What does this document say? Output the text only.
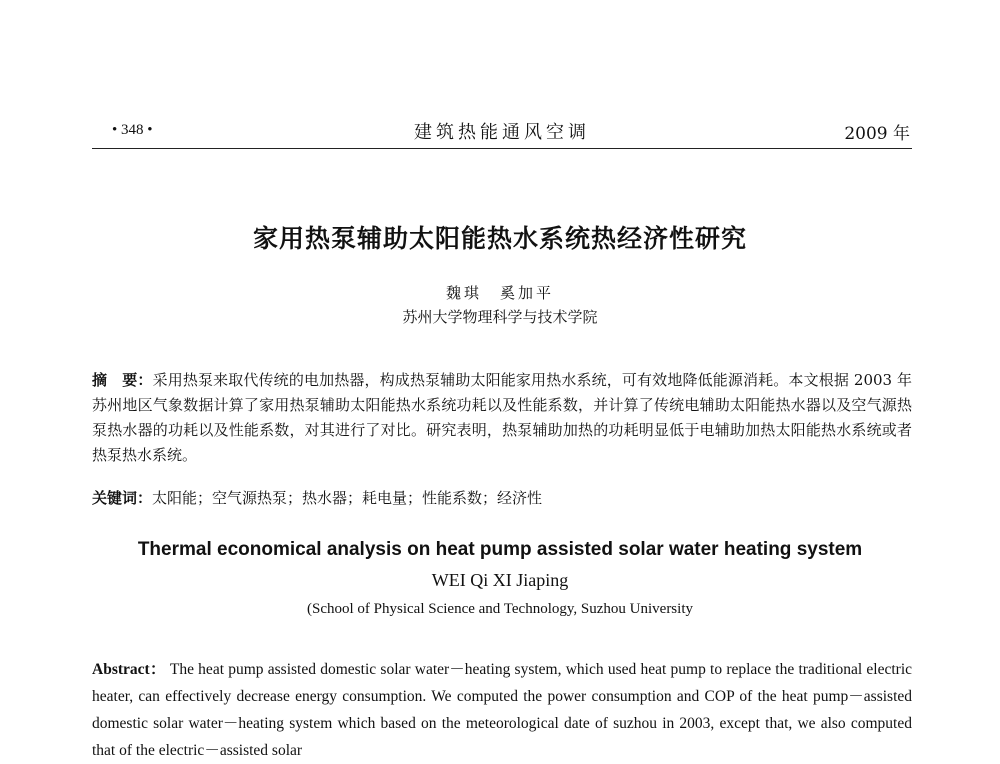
• 348 •	建筑热能通风空调	2009 年
家用热泵辅助太阳能热水系统热经济性研究
魏琪　奚加平
苏州大学物理科学与技术学院
摘　要：采用热泵来取代传统的电加热器，构成热泵辅助太阳能家用热水系统，可有效地降低能源消耗。本文根据 2003 年苏州地区气象数据计算了家用热泵辅助太阳能热水系统功耗以及性能系数，并计算了传统电辅助太阳能热水器以及空气源热泵热水器的功耗以及性能系数，对其进行了对比。研究表明，热泵辅助加热的功耗明显低于电辅助加热太阳能热水系统或者热泵热水系统。
关键词：太阳能；空气源热泵；热水器；耗电量；性能系数；经济性
Thermal economical analysis on heat pump assisted solar water heating system
WEI Qi XI Jiaping
(School of Physical Science and Technology, Suzhou University
Abstract： The heat pump assisted domestic solar water－heating system, which used heat pump to replace the traditional electric heater, can effectively decrease energy consumption. We computed the power consumption and COP of the heat pump－assisted domestic solar water－heating system which based on the meteorological date of suzhou in 2003, except that, we also computed that of the electric－assisted solar
